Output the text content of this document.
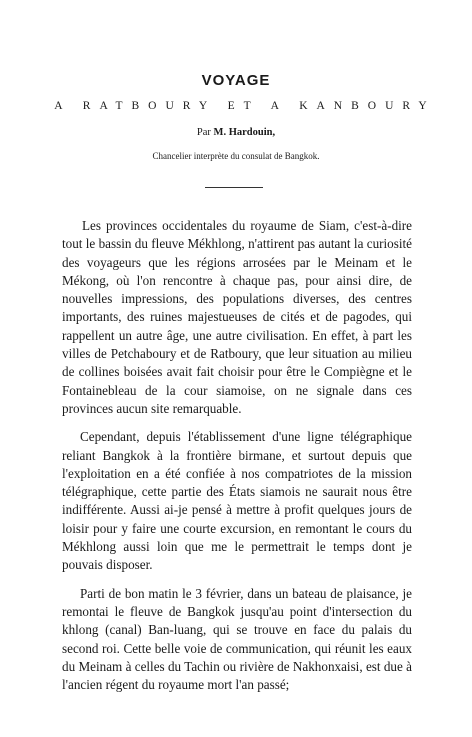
VOYAGE
A RATBOURY ET A KANBOURY
Par M. Hardouin,
Chancelier interprète du consulat de Bangkok.

Les provinces occidentales du royaume de Siam, c'est-à-dire tout le bassin du fleuve Mékhlong, n'attirent pas autant la curiosité des voyageurs que les régions arrosées par le Meinam et le Mékong, où l'on rencontre à chaque pas, pour ainsi dire, de nouvelles impressions, des populations diverses, des centres importants, des ruines majestueuses de cités et de pagodes, qui rappellent un autre âge, une autre civilisation. En effet, à part les villes de Petchaboury et de Ratboury, que leur situation au milieu de collines boisées avait fait choisir pour être le Compiègne et le Fontainebleau de la cour siamoise, on ne signale dans ces provinces aucun site remarquable.

Cependant, depuis l'établissement d'une ligne télégraphique reliant Bangkok à la frontière birmane, et surtout depuis que l'exploitation en a été confiée à nos compatriotes de la mission télégraphique, cette partie des États siamois ne saurait nous être indifférente. Aussi ai-je pensé à mettre à profit quelques jours de loisir pour y faire une courte excursion, en remontant le cours du Mékhlong aussi loin que me le permettrait le temps dont je pouvais disposer.

Parti de bon matin le 3 février, dans un bateau de plaisance, je remontai le fleuve de Bangkok jusqu'au point d'intersection du khlong (canal) Ban-luang, qui se trouve en face du palais du second roi. Cette belle voie de communication, qui réunit les eaux du Meinam à celles du Tachin ou rivière de Nakhonxaisi, est due à l'ancien régent du royaume mort l'an passé;
